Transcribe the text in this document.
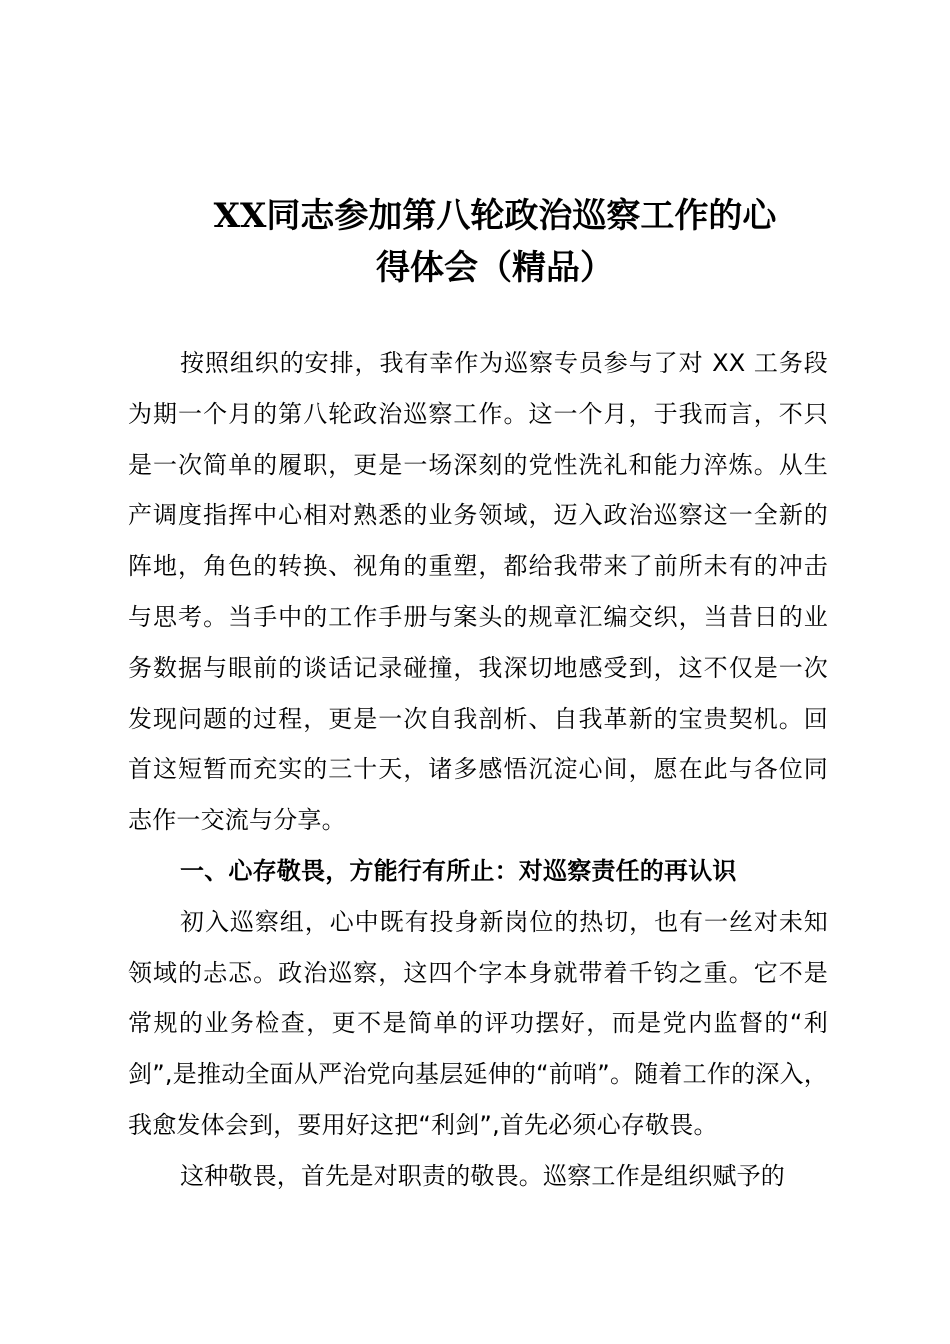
XX同志参加第八轮政治巡察工作的心
得体会（精品）

按照组织的安排，我有幸作为巡察专员参与了对 XX 工务段为期一个月的第八轮政治巡察工作。这一个月，于我而言，不只是一次简单的履职，更是一场深刻的党性洗礼和能力淬炼。从生产调度指挥中心相对熟悉的业务领域，迈入政治巡察这一全新的阵地，角色的转换、视角的重塑，都给我带来了前所未有的冲击与思考。当手中的工作手册与案头的规章汇编交织，当昔日的业务数据与眼前的谈话记录碰撞，我深切地感受到，这不仅是一次发现问题的过程，更是一次自我剖析、自我革新的宝贵契机。回首这短暂而充实的三十天，诸多感悟沉淀心间，愿在此与各位同志作一交流与分享。

一、心存敬畏，方能行有所止：对巡察责任的再认识

初入巡察组，心中既有投身新岗位的热切，也有一丝对未知领域的忐忑。政治巡察，这四个字本身就带着千钧之重。它不是常规的业务检查，更不是简单的评功摆好，而是党内监督的“利剑”,是推动全面从严治党向基层延伸的“前哨”。随着工作的深入，我愈发体会到，要用好这把“利剑”,首先必须心存敬畏。

这种敬畏，首先是对职责的敬畏。巡察工作是组织赋予的
